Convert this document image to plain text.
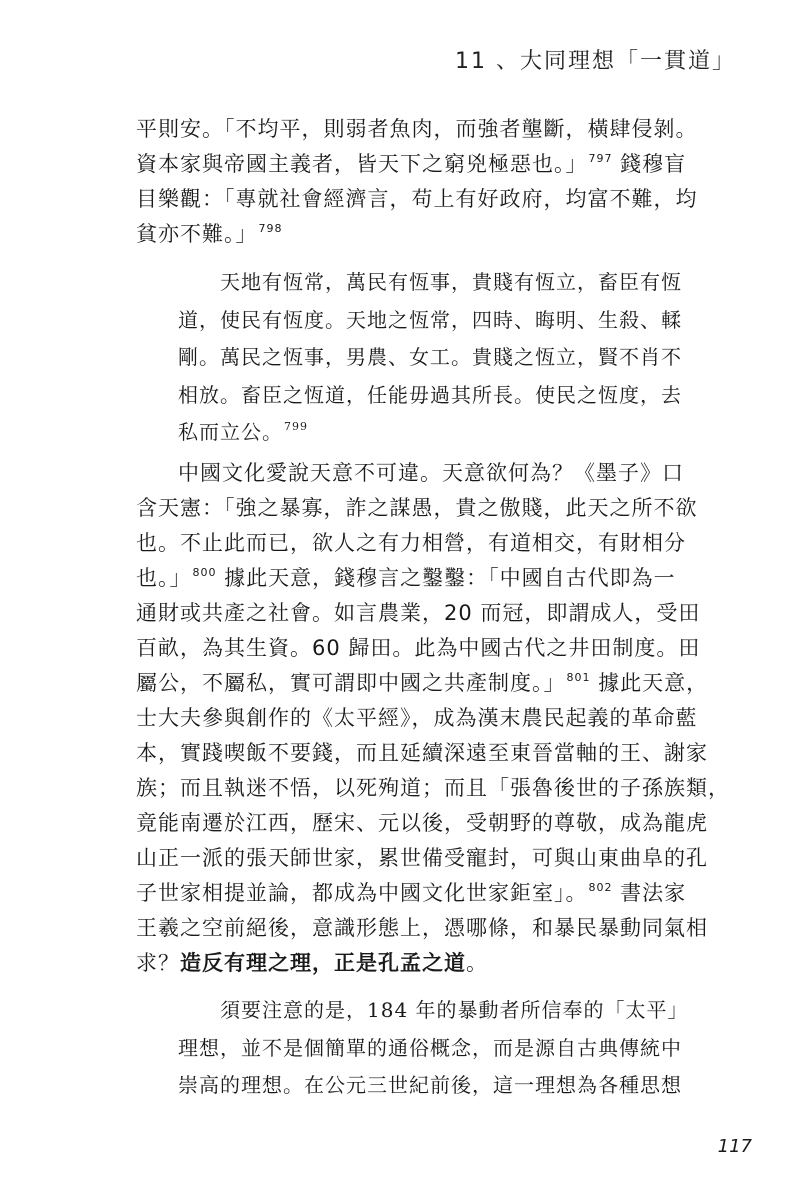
11 、大同理想「一貫道」

平則安。「不均平，則弱者魚肉，而強者壟斷，橫肆侵剝。
資本家與帝國主義者，皆天下之窮兇極惡也。」$^{797}$ 錢穆盲
目樂觀：「專就社會經濟言，苟上有好政府，均富不難，均
貧亦不難。」$^{798}$

天地有恆常，萬民有恆事，貴賤有恆立，畜臣有恆
道，使民有恆度。天地之恆常，四時、晦明、生殺、輮
剛。萬民之恆事，男農、女工。貴賤之恆立，賢不肖不
相放。畜臣之恆道，任能毋過其所長。使民之恆度，去
私而立公。$^{799}$

中國文化愛說天意不可違。天意欲何為？《墨子》口
含天憲：「強之暴寡，詐之謀愚，貴之傲賤，此天之所不欲
也。不止此而已，欲人之有力相營，有道相交，有財相分
也。」$^{800}$ 據此天意，錢穆言之鑿鑿：「中國自古代即為一
通財或共產之社會。如言農業，20 而冠，即謂成人，受田
百畝，為其生資。60 歸田。此為中國古代之井田制度。田
屬公，不屬私，實可謂即中國之共產制度。」$^{801}$ 據此天意，
士大夫參與創作的《太平經》，成為漢末農民起義的革命藍
本，實踐喫飯不要錢，而且延續深遠至東晉當軸的王、謝家
族；而且執迷不悟，以死殉道；而且「張魯後世的子孫族類，
竟能南遷於江西，歷宋、元以後，受朝野的尊敬，成為龍虎
山正一派的張天師世家，累世備受寵封，可與山東曲阜的孔
子世家相提並論，都成為中國文化世家鉅室」。$^{802}$ 書法家
王羲之空前絕後，意識形態上，憑哪條，和暴民暴動同氣相
求？造反有理之理，正是孔孟之道。

須要注意的是，184 年的暴動者所信奉的「太平」
理想，並不是個簡單的通俗概念，而是源自古典傳統中
崇高的理想。在公元三世紀前後，這一理想為各種思想

117
